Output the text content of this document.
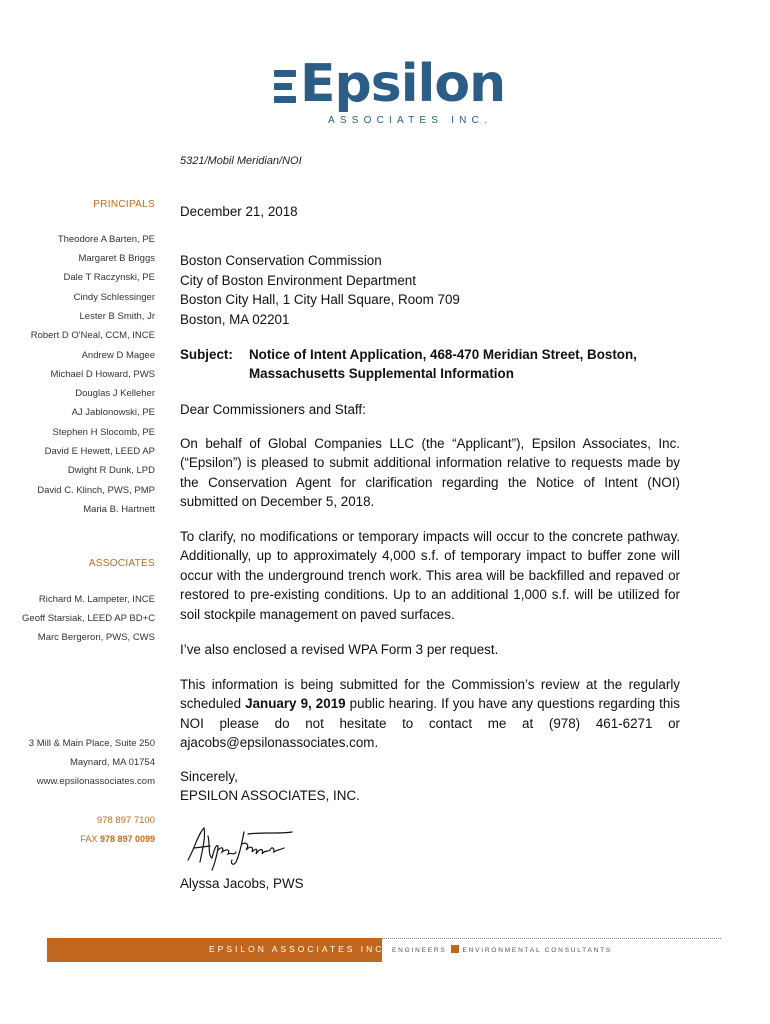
Epsilon
ASSOCIATES INC.
5321/Mobil Meridian/NOI
PRINCIPALS
Theodore A Barten, PE
Margaret B Briggs
Dale T Raczynski, PE
Cindy Schlessinger
Lester B Smith, Jr
Robert D O'Neal, CCM, INCE
Andrew D Magee
Michael D Howard, PWS
Douglas J Kelleher
AJ Jablonowski, PE
Stephen H Slocomb, PE
David E Hewett, LEED AP
Dwight R Dunk, LPD
David C. Klinch, PWS, PMP
Maria B. Hartnett
ASSOCIATES
Richard M. Lampeter, INCE
Geoff Starsiak, LEED AP BD+C
Marc Bergeron, PWS, CWS
3 Mill & Main Place, Suite 250
Maynard, MA 01754
www.epsilonassociates.com
978 897 7100
FAX 978 897 0099
December 21, 2018
Boston Conservation Commission
City of Boston Environment Department
Boston City Hall, 1 City Hall Square, Room 709
Boston, MA 02201
Subject: Notice of Intent Application, 468-470 Meridian Street, Boston, Massachusetts Supplemental Information
Dear Commissioners and Staff:
On behalf of Global Companies LLC (the “Applicant”), Epsilon Associates, Inc. (“Epsilon”) is pleased to submit additional information relative to requests made by the Conservation Agent for clarification regarding the Notice of Intent (NOI) submitted on December 5, 2018.
To clarify, no modifications or temporary impacts will occur to the concrete pathway. Additionally, up to approximately 4,000 s.f. of temporary impact to buffer zone will occur with the underground trench work. This area will be backfilled and repaved or restored to pre-existing conditions. Up to an additional 1,000 s.f. will be utilized for soil stockpile management on paved surfaces.
I’ve also enclosed a revised WPA Form 3 per request.
This information is being submitted for the Commission’s review at the regularly scheduled January 9, 2019 public hearing. If you have any questions regarding this NOI please do not hesitate to contact me at (978) 461-6271 or ajacobs@epsilonassociates.com.
Sincerely,
EPSILON ASSOCIATES, INC.
Alyssa Jacobs, PWS
EPSILON ASSOCIATES INC ENGINEERS ENVIRONMENTAL CONSULTANTS
